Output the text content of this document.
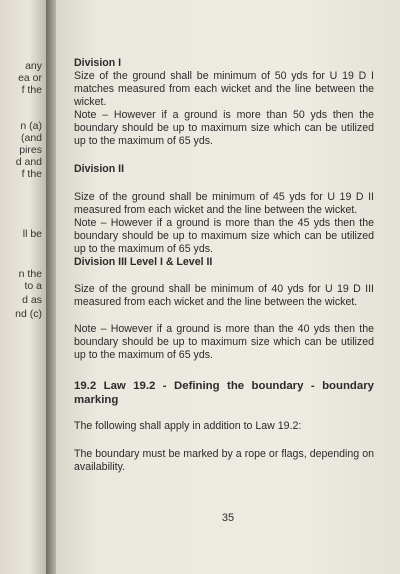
any
ea or
f the
n (a)
(and
pires
d and
f the
ll be
n the
to a
d as
nd (c)

Division I

Size of the ground shall be minimum of 50 yds for U 19 D I matches measured from each wicket and the line between the wicket.

Note – However if a ground is more than 50 yds then the boundary should be up to maximum size which can be utilized up to the maximum of 65 yds.

Division II

Size of the ground shall be minimum of 45 yds for U 19 D II measured from each wicket and the line between the wicket.

Note – However if a ground is more than the 45 yds then the boundary should be up to maximum size which can be utilized up to the maximum of 65 yds.

Division III Level I & Level II

Size of the ground shall be minimum of 40 yds for U 19 D III measured from each wicket and the line between the wicket.

Note – However if a ground is more than the 40 yds then the boundary should be up to maximum size which can be utilized up to the maximum of 65 yds.

19.2 Law 19.2 - Defining the boundary - boundary marking

The following shall apply in addition to Law 19.2:

The boundary must be marked by a rope or flags, depending on availability.

35
